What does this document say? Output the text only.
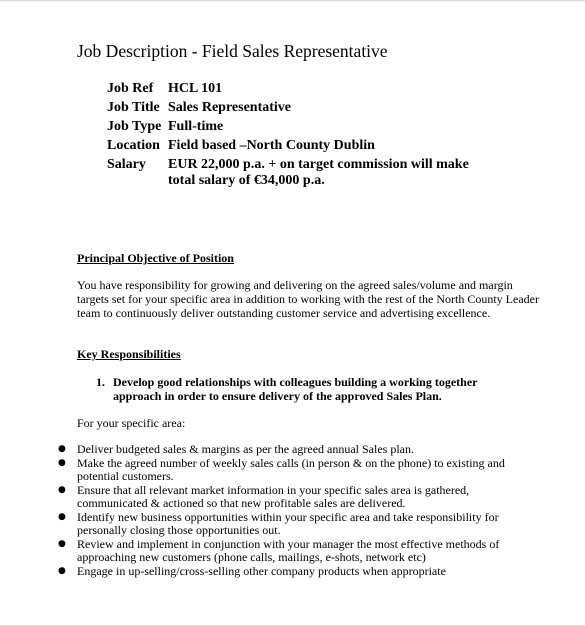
Job Description - Field Sales Representative
Job Ref	HCL 101
Job Title Sales Representative
Job Type Full-time
Location Field based –North County Dublin
Salary	EUR 22,000 p.a. + on target commission will make total salary of €34,000 p.a.
Principal Objective of Position
You have responsibility for growing and delivering on the agreed sales/volume and margin targets set for your specific area in addition to working with the rest of the North County Leader team to continuously deliver outstanding customer service and advertising excellence.
Key Responsibilities
1. Develop good relationships with colleagues building a working together approach in order to ensure delivery of the approved Sales Plan.
For your specific area:
● Deliver budgeted sales & margins as per the agreed annual Sales plan.
● Make the agreed number of weekly sales calls (in person & on the phone) to existing and potential customers.
● Ensure that all relevant market information in your specific sales area is gathered, communicated & actioned so that new profitable sales are delivered.
● Identify new business opportunities within your specific area and take responsibility for personally closing those opportunities out.
● Review and implement in conjunction with your manager the most effective methods of approaching new customers (phone calls, mailings, e-shots, network etc)
● Engage in up-selling/cross-selling other company products when appropriate
